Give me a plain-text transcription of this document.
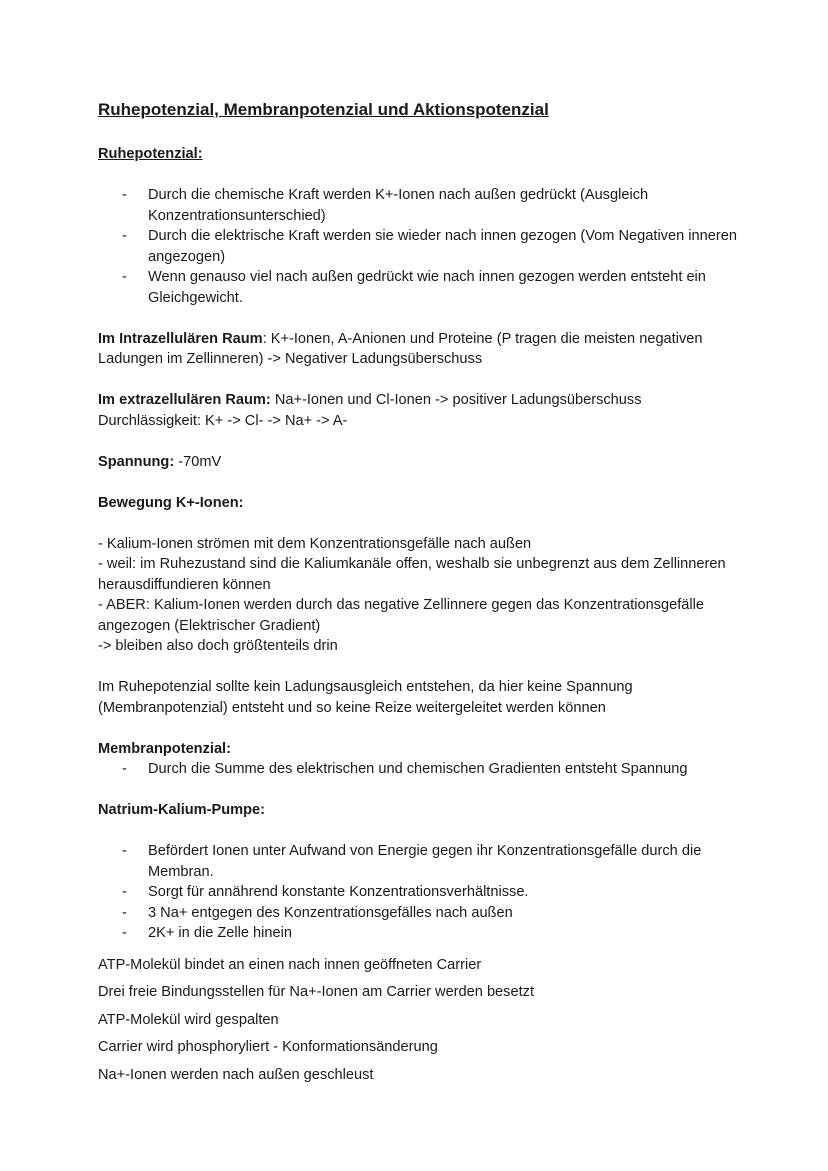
Ruhepotenzial, Membranpotenzial und Aktionspotenzial

Ruhepotenzial:

- Durch die chemische Kraft werden K+-Ionen nach außen gedrückt (Ausgleich Konzentrationsunterschied)
- Durch die elektrische Kraft werden sie wieder nach innen gezogen (Vom Negativen inneren angezogen)
- Wenn genauso viel nach außen gedrückt wie nach innen gezogen werden entsteht ein Gleichgewicht.

Im Intrazellulären Raum: K+-Ionen, A-Anionen und Proteine (P tragen die meisten negativen Ladungen im Zellinneren) -> Negativer Ladungsüberschuss

Im extrazellulären Raum: Na+-Ionen und Cl-Ionen -> positiver Ladungsüberschuss

Durchlässigkeit: K+ -> Cl- -> Na+ -> A-

Spannung: -70mV

Bewegung K+-Ionen:

- Kalium-Ionen strömen mit dem Konzentrationsgefälle nach außen

- weil: im Ruhezustand sind die Kaliumkanäle offen, weshalb sie unbegrenzt aus dem Zellinneren herausdiffundieren können

- ABER: Kalium-Ionen werden durch das negative Zellinnere gegen das Konzentrationsgefälle angezogen (Elektrischer Gradient)

-> bleiben also doch größtenteils drin

Im Ruhepotenzial sollte kein Ladungsausgleich entstehen, da hier keine Spannung (Membranpotenzial) entsteht und so keine Reize weitergeleitet werden können

Membranpotenzial:

- Durch die Summe des elektrischen und chemischen Gradienten entsteht Spannung

Natrium-Kalium-Pumpe:

- Befördert Ionen unter Aufwand von Energie gegen ihr Konzentrationsgefälle durch die Membran.
- Sorgt für annährend konstante Konzentrationsverhältnisse.
- 3 Na+ entgegen des Konzentrationsgefälles nach außen
- 2K+ in die Zelle hinein

ATP-Molekül bindet an einen nach innen geöffneten Carrier

Drei freie Bindungsstellen für Na+-Ionen am Carrier werden besetzt

ATP-Molekül wird gespalten

Carrier wird phosphoryliert - Konformationsänderung

Na+-Ionen werden nach außen geschleust
